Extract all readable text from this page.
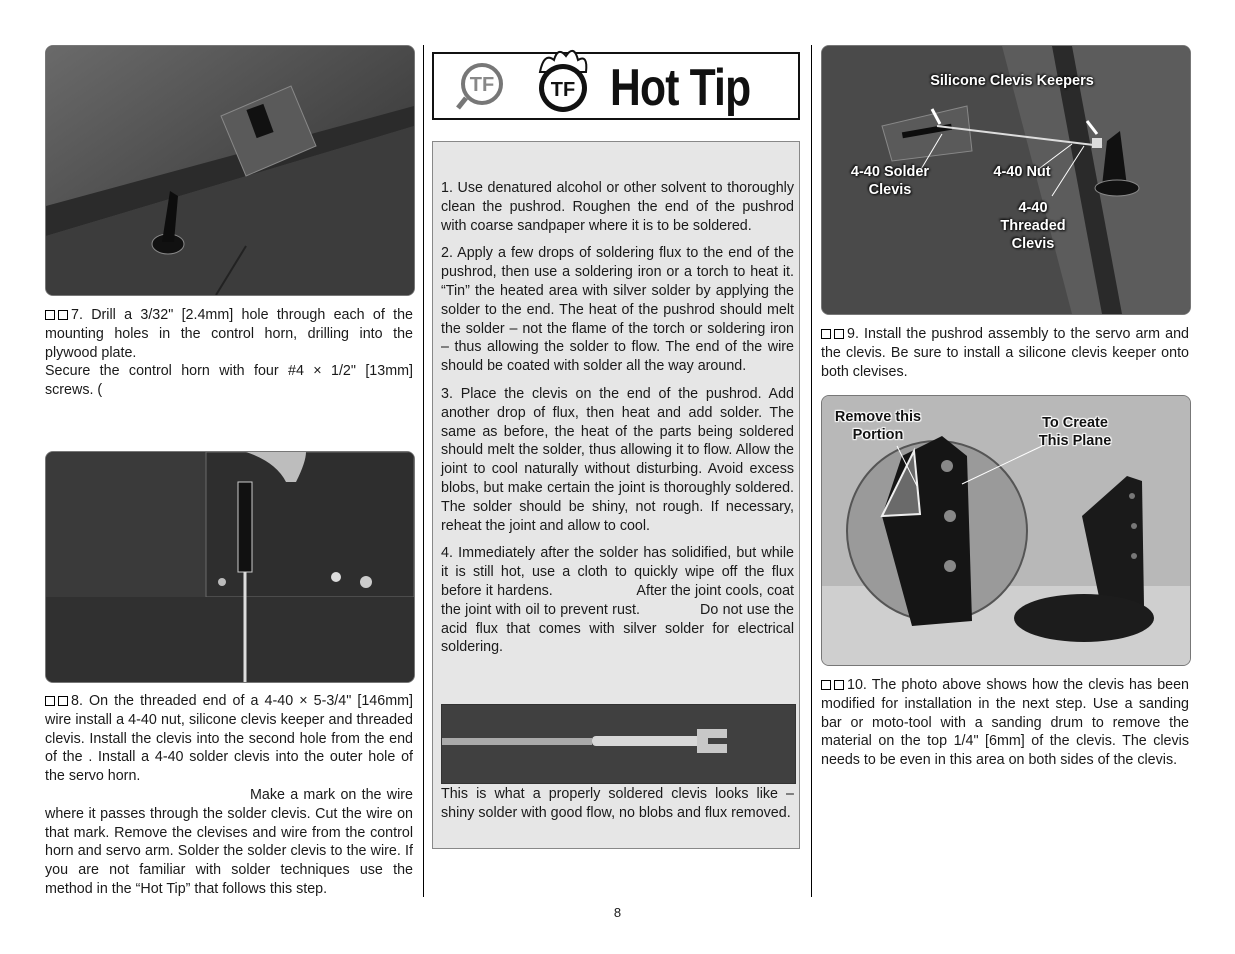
7. Drill a 3/32" [2.4mm] hole through each of the mounting holes in the control horn, drilling into the plywood plate.

Secure the control horn with four #4 × 1/2" [13mm] screws. (

8. On the threaded end of a 4-40 × 5-3/4" [146mm] wire install a 4-40 nut, silicone clevis keeper and threaded clevis. Install the clevis into the second hole from the end of the . Install a 4-40 solder clevis into the outer hole of the servo horn.

Make a mark on the wire where it passes through the solder clevis. Cut the wire on that mark. Remove the clevises and wire from the control horn and servo arm. Solder the solder clevis to the wire. If you are not familiar with solder techniques use the method in the “Hot Tip” that follows this step.

TF	TF Hot Tip

1. Use denatured alcohol or other solvent to thoroughly clean the pushrod. Roughen the end of the pushrod with coarse sandpaper where it is to be soldered.

2. Apply a few drops of soldering flux to the end of the pushrod, then use a soldering iron or a torch to heat it. “Tin” the heated area with silver solder by applying the solder to the end. The heat of the pushrod should melt the solder – not the flame of the torch or soldering iron – thus allowing the solder to flow. The end of the wire should be coated with solder all the way around.

3. Place the clevis on the end of the pushrod. Add another drop of flux, then heat and add solder. The same as before, the heat of the parts being soldered should melt the solder, thus allowing it to flow. Allow the joint to cool naturally without disturbing. Avoid excess blobs, but make certain the joint is thoroughly soldered. The solder should be shiny, not rough. If necessary, reheat the joint and allow to cool.

4. Immediately after the solder has solidified, but while it is still hot, use a cloth to quickly wipe off the flux before it hardens.                    After the joint cools, coat the joint with oil to prevent rust.              Do not use the acid flux that comes with silver solder for electrical soldering.

This is what a properly soldered clevis looks like – shiny solder with good flow, no blobs and flux removed.

Silicone Clevis Keepers
4-40 Solder Clevis
4-40 Nut
4-40 Threaded Clevis

9. Install the pushrod assembly to the servo arm and the clevis. Be sure to install a silicone clevis keeper onto both clevises.

Remove this Portion
To Create This Plane

10. The photo above shows how the clevis has been modified for installation in the next step. Use a sanding bar or moto-tool with a sanding drum to remove the material on the top 1/4" [6mm] of the clevis. The clevis needs to be even in this area on both sides of the clevis.

8
